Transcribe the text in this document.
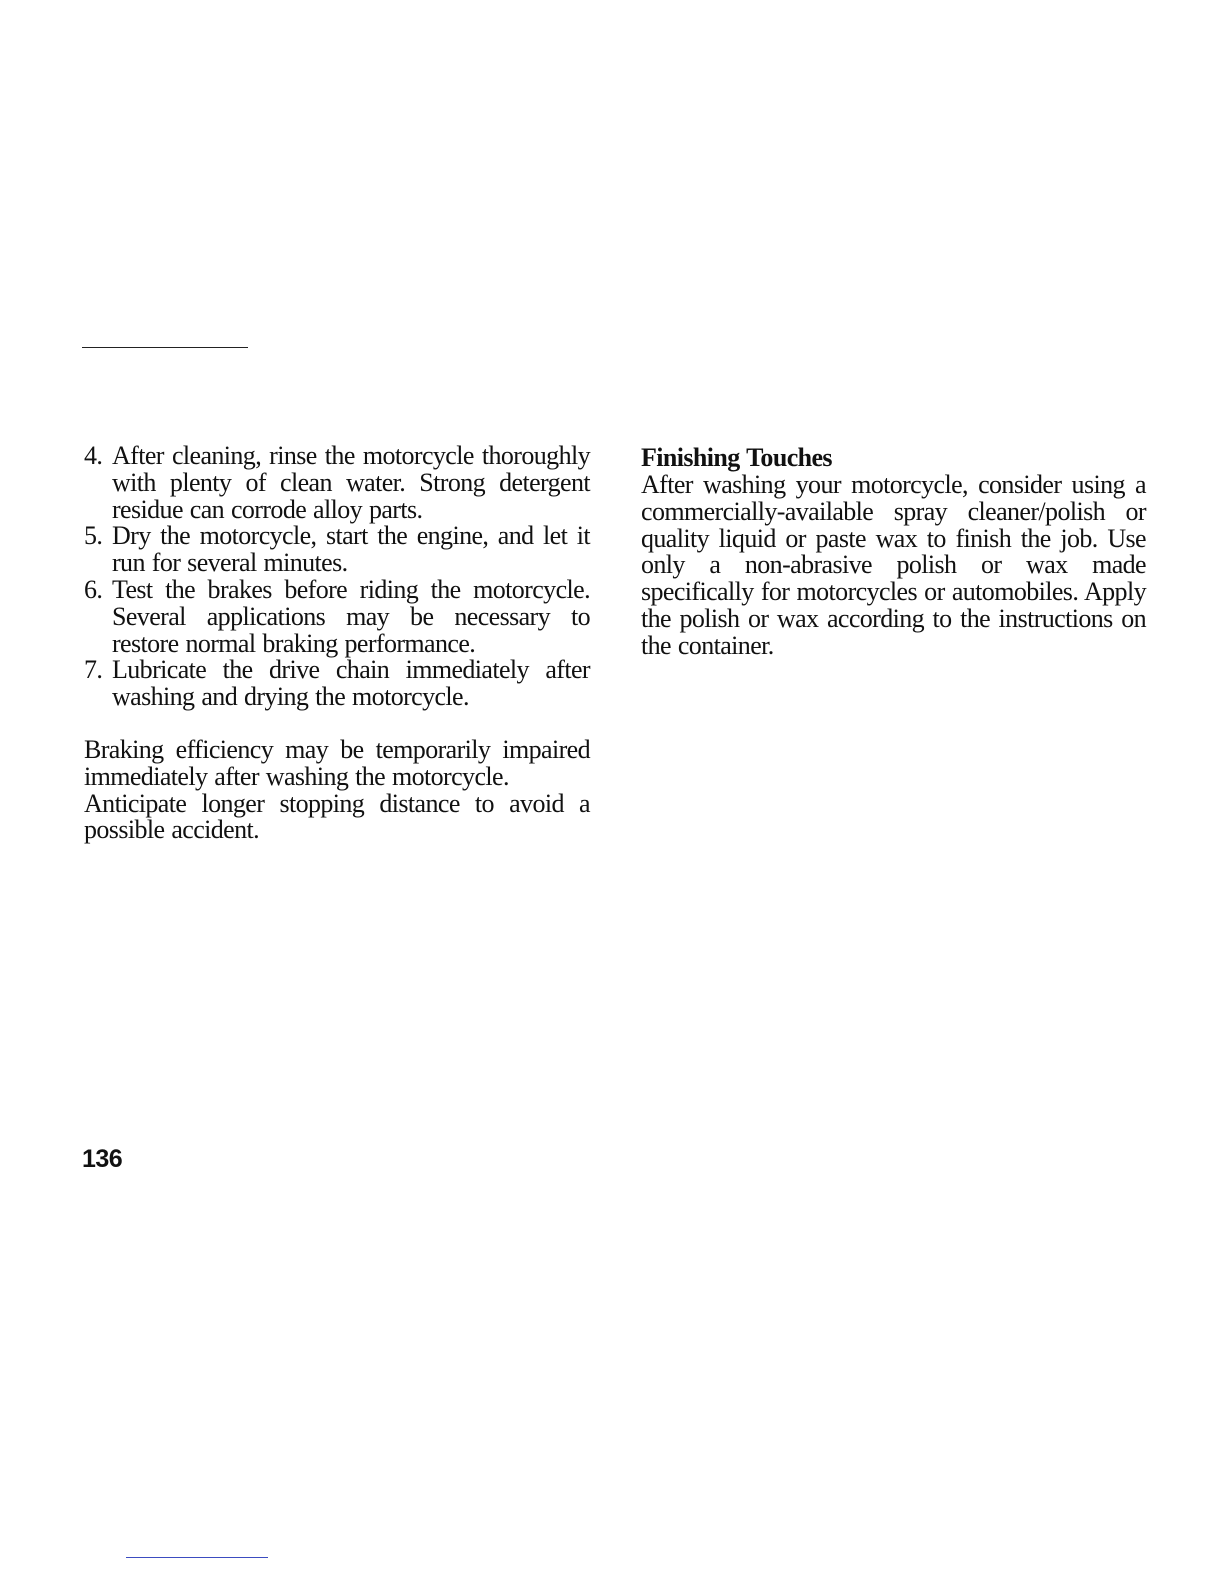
4. After cleaning, rinse the motorcycle thoroughly with plenty of clean water. Strong detergent residue can corrode alloy parts.
5. Dry the motorcycle, start the engine, and let it run for several minutes.
6. Test the brakes before riding the motorcycle. Several applications may be necessary to restore normal braking performance.
7. Lubricate the drive chain immediately after washing and drying the motorcycle.

Braking efficiency may be temporarily impaired immediately after washing the motorcycle.

Anticipate longer stopping distance to avoid a possible accident.

Finishing Touches

After washing your motorcycle, consider using a commercially-available spray cleaner/polish or quality liquid or paste wax to finish the job. Use only a non-abrasive polish or wax made specifically for motorcycles or automobiles. Apply the polish or wax according to the instructions on the container.

136
